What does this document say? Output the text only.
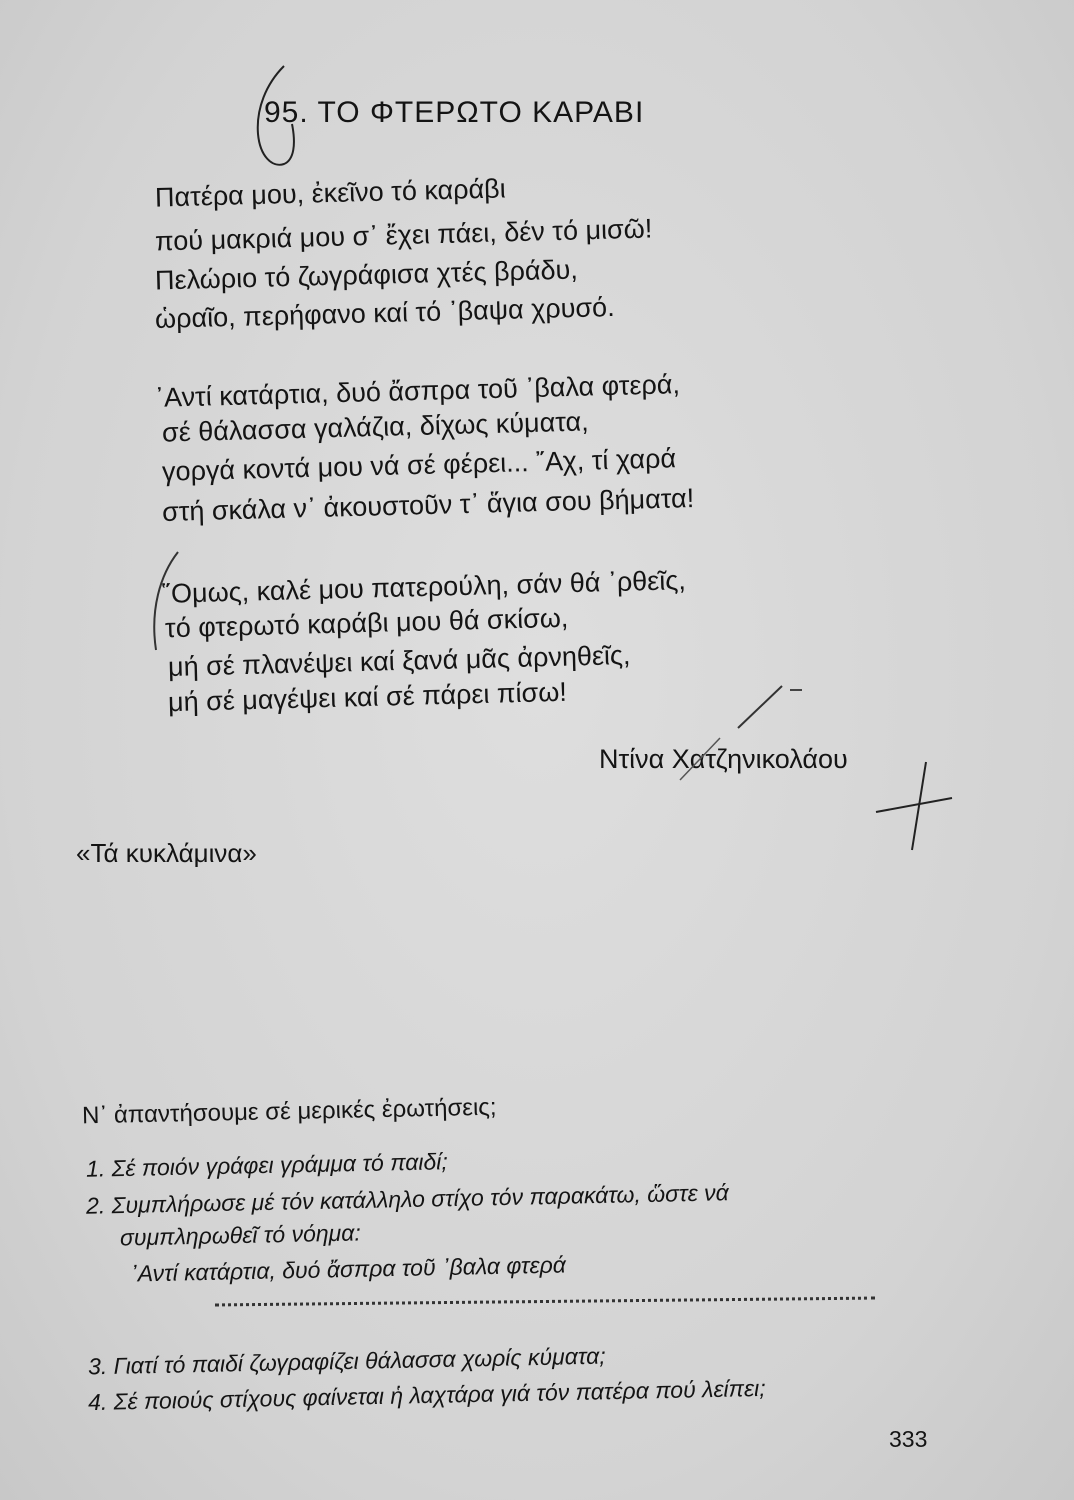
95
. ΤΟ ΦΤΕΡΩΤΟ ΚΑΡΑΒΙ
Πατέρα μου, ἐκεῖνο τό καράβι
πού μακριά μου σ᾽ ἔχει πάει, δέν τό μισῶ!
Πελώριο τό ζωγράφισα χτές βράδυ,
ὡραῖο, περήφανο καί τό ᾽βαψα χρυσό.
᾽Αντί κατάρτια, δυό ἄσπρα τοῦ ᾽βαλα φτερά,
σέ θάλασσα γαλάζια, δίχως κύματα,
γοργά κοντά μου νά σέ φέρει... ῎Αχ, τί χαρά
στή σκάλα ν᾽ ἀκουστοῦν τ᾽ ἅγια σου βήματα!
῞Ομως, καλέ μου πατερούλη, σάν θά ᾽ρθεῖς,
τό φτερωτό καράβι μου θά σκίσω,
μή σέ πλανέψει καί ξανά μᾶς ἀρνηθεῖς,
μή σέ μαγέψει καί σέ πάρει πίσω!
Ντίνα Χατζηνικολάου
«Τά κυκλάμινα»
Ν᾽ ἀπαντήσουμε σέ μερικές ἐρωτήσεις;
1. Σέ ποιόν γράφει γράμμα τό παιδί;
2. Συμπλήρωσε μέ τόν κατάλληλο στίχο τόν παρακάτω, ὥστε νά
συμπληρωθεῖ τό νόημα:
᾽Αντί κατάρτια, δυό ἄσπρα τοῦ ᾽βαλα φτερά
3. Γιατί τό παιδί ζωγραφίζει θάλασσα χωρίς κύματα;
4. Σέ ποιούς στίχους φαίνεται ἡ λαχτάρα γιά τόν πατέρα πού λείπει;
333
